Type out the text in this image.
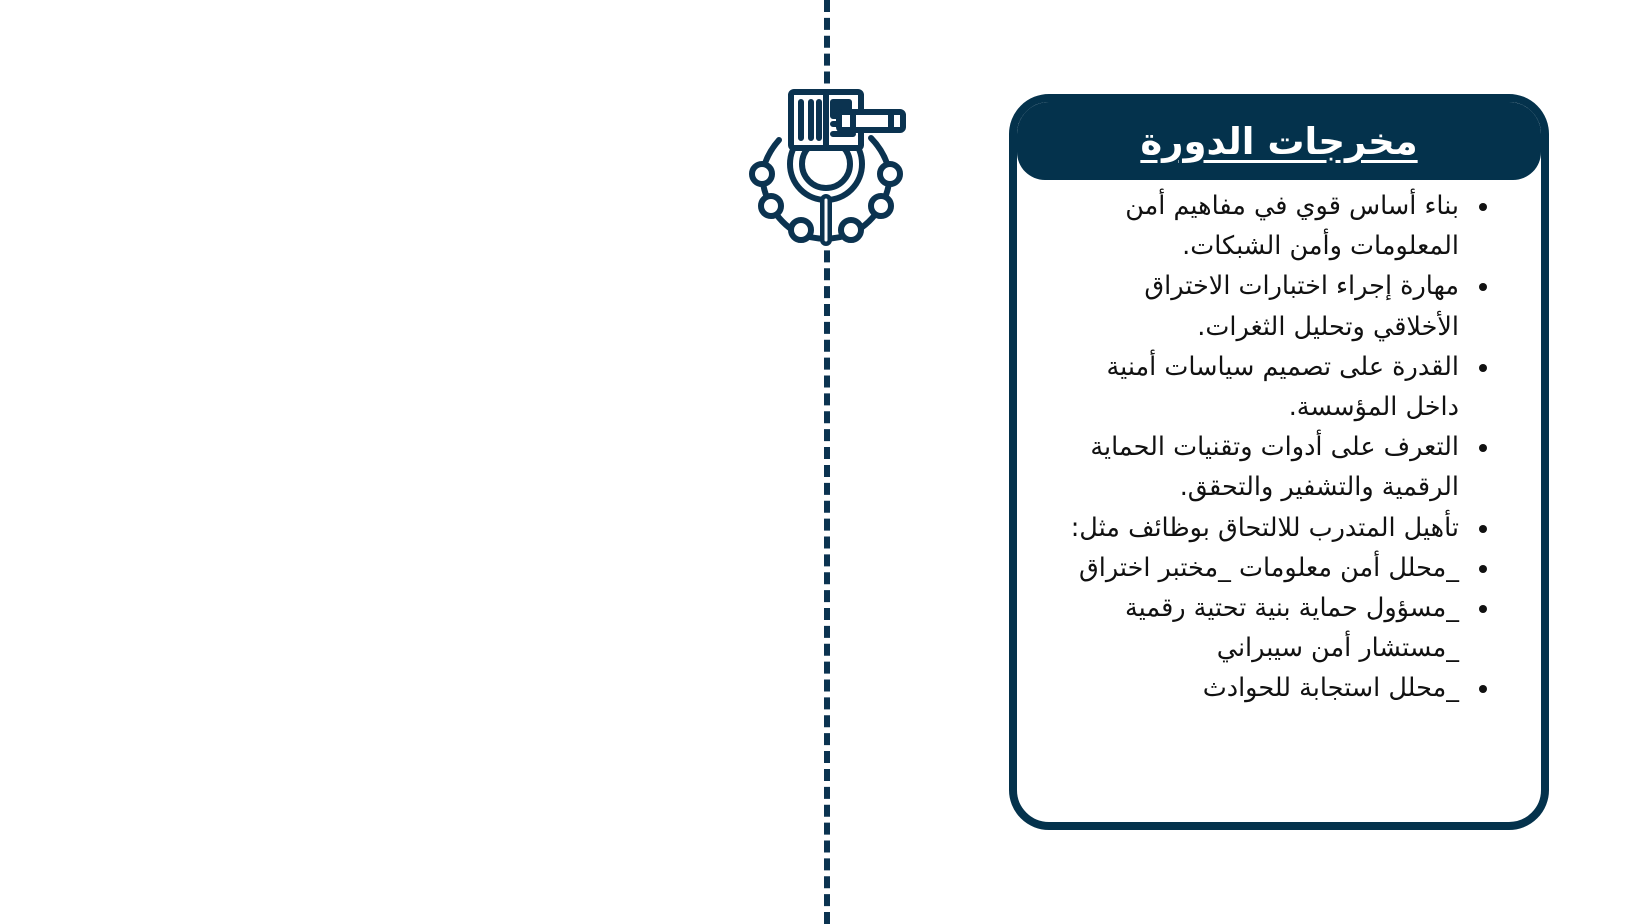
مخرجات الدورة
• بناء أساس قوي في مفاهيم أمن المعلومات وأمن الشبكات.
• مهارة إجراء اختبارات الاختراق الأخلاقي وتحليل الثغرات.
• القدرة على تصميم سياسات أمنية داخل المؤسسة.
• التعرف على أدوات وتقنيات الحماية الرقمية والتشفير والتحقق.
• تأهيل المتدرب للالتحاق بوظائف مثل:
• _محلل أمن معلومات _مختبر اختراق
• _مسؤول حماية بنية تحتية رقمية _مستشار أمن سيبراني
• _محلل استجابة للحوادث
